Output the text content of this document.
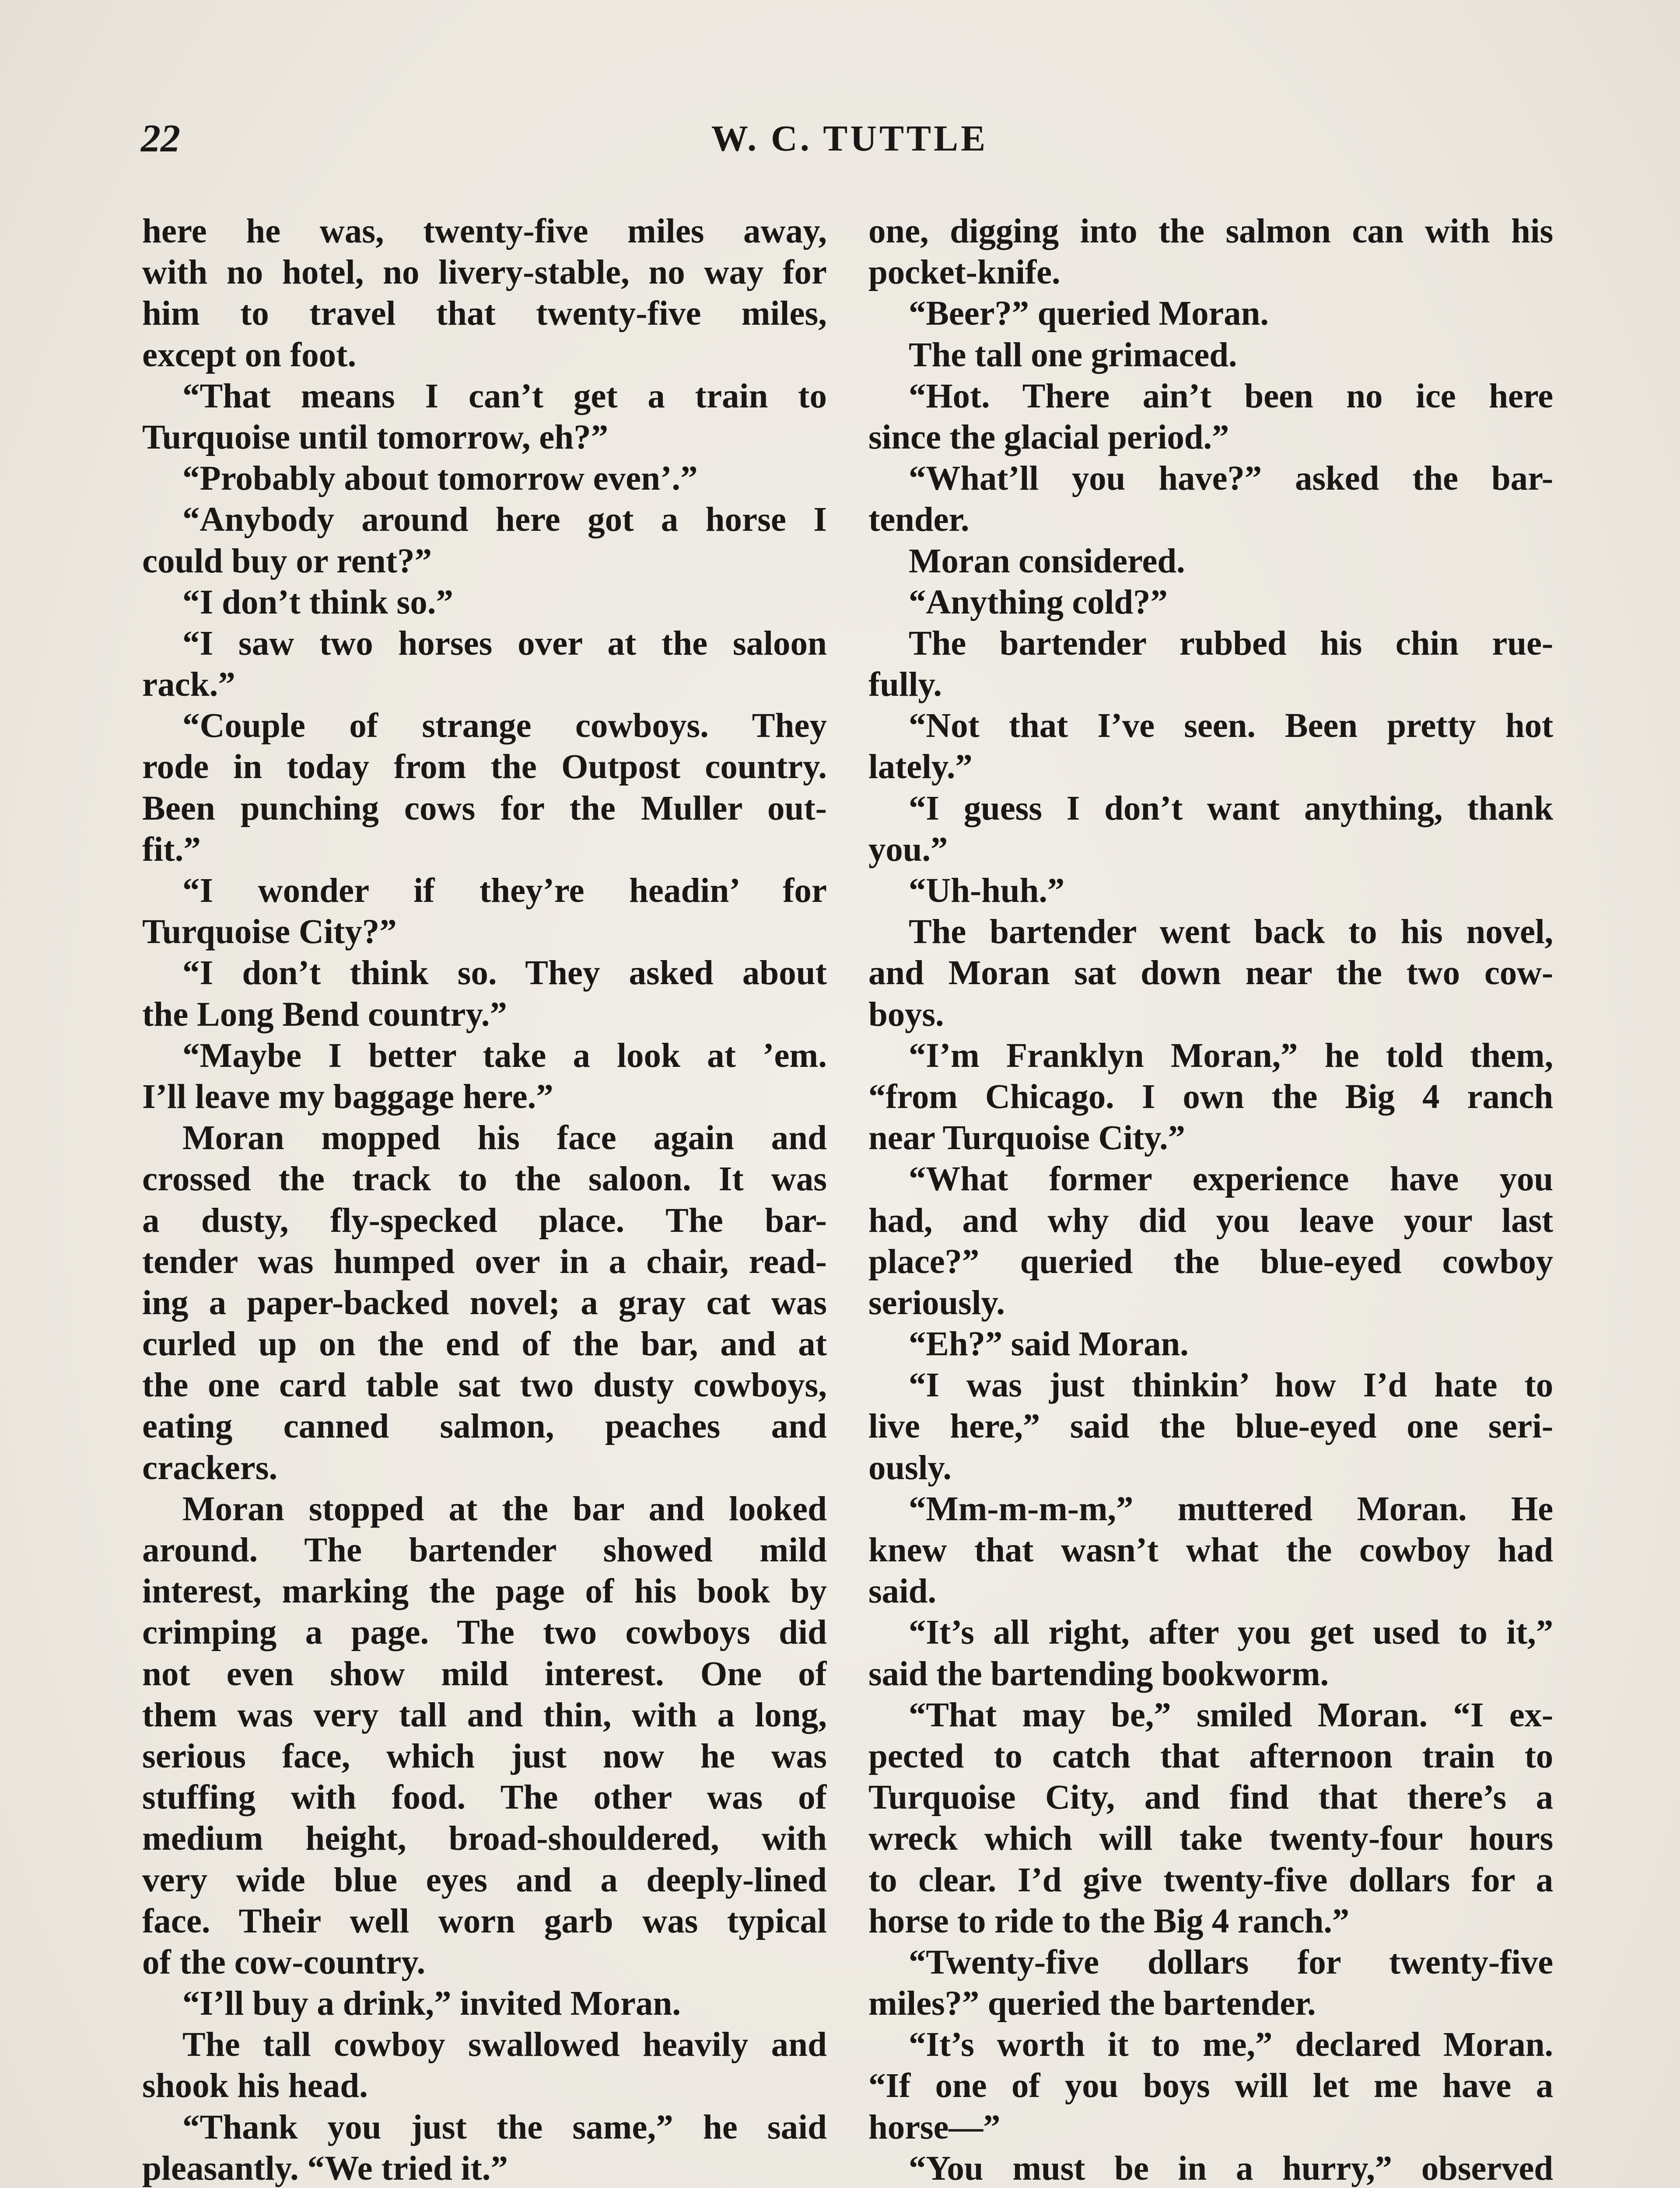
22	W. C. TUTTLE
here he was, twenty-five miles away,
with no hotel, no livery-stable, no way for
him to travel that twenty-five miles,
except on foot.
“That means I can’t get a train to
Turquoise until tomorrow, eh?”
“Probably about tomorrow even’.”
“Anybody around here got a horse I
could buy or rent?”
“I don’t think so.”
“I saw two horses over at the saloon
rack.”
“Couple of strange cowboys. They
rode in today from the Outpost country.
Been punching cows for the Muller out-
fit.”
“I wonder if they’re headin’ for
Turquoise City?”
“I don’t think so. They asked about
the Long Bend country.”
“Maybe I better take a look at ’em.
I’ll leave my baggage here.”
Moran mopped his face again and
crossed the track to the saloon. It was
a dusty, fly-specked place. The bar-
tender was humped over in a chair, read-
ing a paper-backed novel; a gray cat was
curled up on the end of the bar, and at
the one card table sat two dusty cowboys,
eating canned salmon, peaches and
crackers.
Moran stopped at the bar and looked
around. The bartender showed mild
interest, marking the page of his book by
crimping a page. The two cowboys did
not even show mild interest. One of
them was very tall and thin, with a long,
serious face, which just now he was
stuffing with food. The other was of
medium height, broad-shouldered, with
very wide blue eyes and a deeply-lined
face. Their well worn garb was typical
of the cow-country.
“I’ll buy a drink,” invited Moran.
The tall cowboy swallowed heavily and
shook his head.
“Thank you just the same,” he said
pleasantly. “We tried it.”
one, digging into the salmon can with his
pocket-knife.
“Beer?” queried Moran.
The tall one grimaced.
“Hot. There ain’t been no ice here
since the glacial period.”
“What’ll you have?” asked the bar-
tender.
Moran considered.
“Anything cold?”
The bartender rubbed his chin rue-
fully.
“Not that I’ve seen. Been pretty hot
lately.”
“I guess I don’t want anything, thank
you.”
“Uh-huh.”
The bartender went back to his novel,
and Moran sat down near the two cow-
boys.
“I’m Franklyn Moran,” he told them,
“from Chicago. I own the Big 4 ranch
near Turquoise City.”
“What former experience have you
had, and why did you leave your last
place?” queried the blue-eyed cowboy
seriously.
“Eh?” said Moran.
“I was just thinkin’ how I’d hate to
live here,” said the blue-eyed one seri-
ously.
“Mm-m-m-m,” muttered Moran. He
knew that wasn’t what the cowboy had
said.
“It’s all right, after you get used to it,”
said the bartending bookworm.
“That may be,” smiled Moran. “I ex-
pected to catch that afternoon train to
Turquoise City, and find that there’s a
wreck which will take twenty-four hours
to clear. I’d give twenty-five dollars for a
horse to ride to the Big 4 ranch.”
“Twenty-five dollars for twenty-five
miles?” queried the bartender.
“It’s worth it to me,” declared Moran.
“If one of you boys will let me have a
horse—”
“You must be in a hurry,” observed
